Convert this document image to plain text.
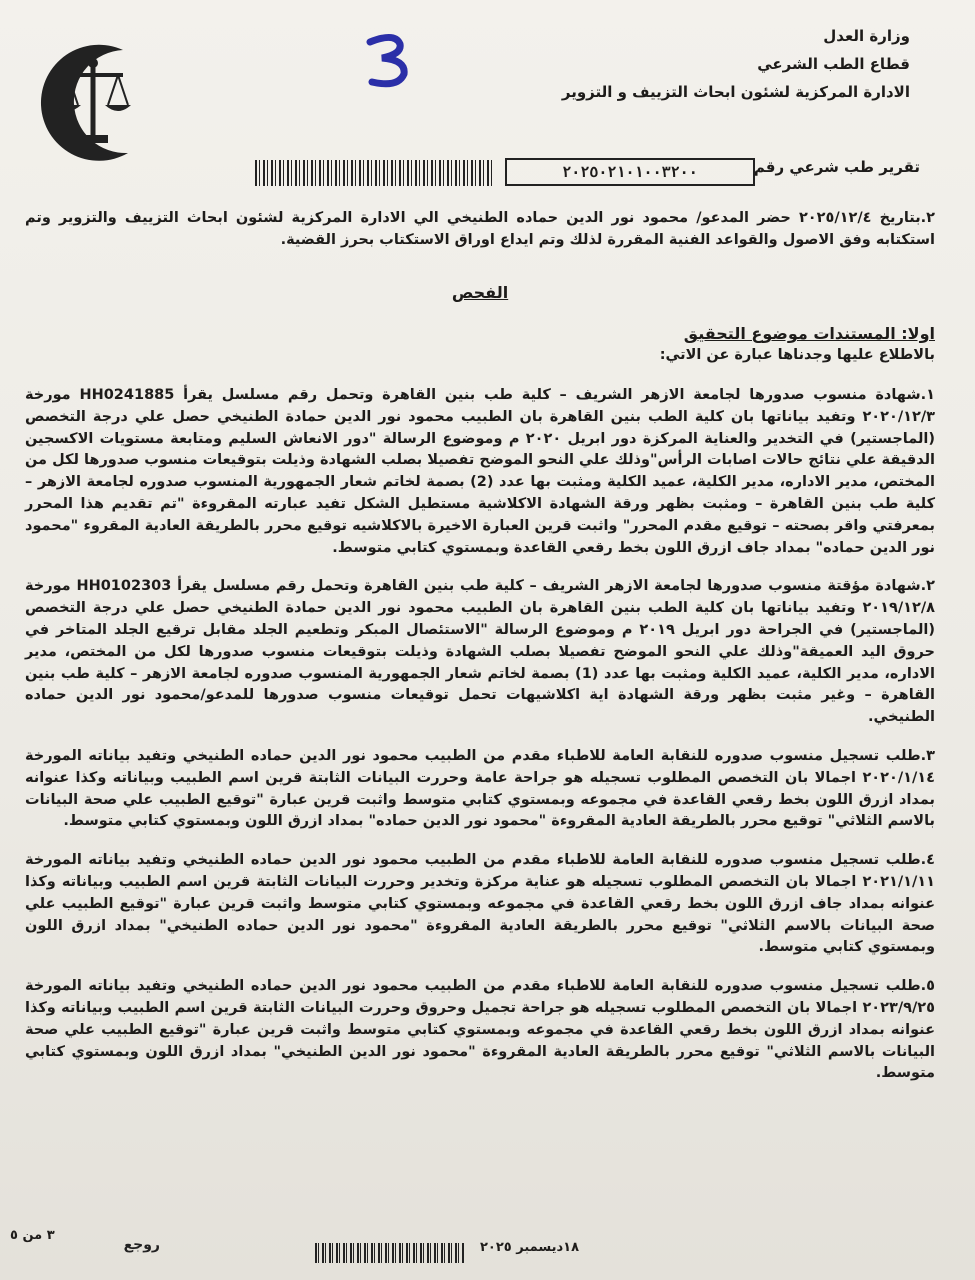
وزارة العدل
قطاع الطب الشرعي
الادارة المركزية لشئون ابحاث التزييف و التزوير
٢٠٢٥٠٢١٠١٠٠٣٢٠٠	تقرير طب شرعي رقم

٢.بتاريخ ٢٠٢٥/١٢/٤ حضر المدعو/ محمود نور الدين حماده الطنيخي الي الادارة المركزية لشئون ابحاث التزييف والتزوير وتم استكتابه وفق الاصول والقواعد الفنية المقررة لذلك وتم ايداع اوراق الاستكتاب بحرز القضية.

الفحص

اولا: المستندات موضوع التحقيق

بالاطلاع عليها وجدناها عبارة عن الاتي:

١.شهادة منسوب صدورها لجامعة الازهر الشريف – كلية طب بنين القاهرة وتحمل رقم مسلسل يقرأ HH0241885 مورخة ٢٠٢٠/١٢/٣ وتفيد بياناتها بان كلية الطب بنين القاهرة بان الطبيب محمود نور الدين حمادة الطنيخي حصل علي درجة التخصص (الماجستير) في التخدير والعناية المركزة دور ابريل ٢٠٢٠ م وموضوع الرسالة "دور الانعاش السليم ومتابعة مستويات الاكسجين الدقيقة علي نتائج حالات اصابات الرأس"وذلك علي النحو الموضح تفصيلا بصلب الشهادة وذيلت بتوقيعات منسوب صدورها لكل من المختص، مدير الاداره، مدير الكلية، عميد الكلية ومثبت بها عدد (2) بصمة لخاتم شعار الجمهورية المنسوب صدوره لجامعة الازهر – كلية طب بنين القاهرة – ومثبت بظهر ورقة الشهادة الاكلاشية مستطيل الشكل تفيد عبارته المقروءة "تم تقديم هذا المحرر بمعرفتي واقر بصحته – توقيع مقدم المحرر" واثبت قرين العبارة الاخيرة بالاكلاشيه توقيع محرر بالطريقة العادية المقروء "محمود نور الدين حماده" بمداد جاف ازرق اللون بخط رقعي القاعدة وبمستوي كتابي متوسط.

٢.شهادة مؤقتة منسوب صدورها لجامعة الازهر الشريف – كلية طب بنين القاهرة وتحمل رقم مسلسل يقرأ HH0102303 مورخة ٢٠١٩/١٢/٨ وتفيد بياناتها بان كلية الطب بنين القاهرة بان الطبيب محمود نور الدين حمادة الطنيخي حصل علي درجة التخصص (الماجستير) في الجراحة دور ابريل ٢٠١٩ م وموضوع الرسالة "الاستئصال المبكر وتطعيم الجلد مقابل ترقيع الجلد المتاخر في حروق اليد العميقة"وذلك علي النحو الموضح تفصيلا بصلب الشهادة وذيلت بتوقيعات منسوب صدورها لكل من المختص، مدير الاداره، مدير الكلية، عميد الكلية ومثبت بها عدد (1) بصمة لخاتم شعار الجمهورية المنسوب صدوره لجامعة الازهر – كلية طب بنين القاهرة – وغير مثبت بظهر ورقة الشهادة اية اكلاشيهات تحمل توقيعات منسوب صدورها للمدعو/محمود نور الدين حماده الطنيخي.

٣.طلب تسجيل منسوب صدوره للنقابة العامة للاطباء مقدم من الطبيب محمود نور الدين حماده الطنيخي وتفيد بياناته المورخة ٢٠٢٠/١/١٤ اجمالا بان التخصص المطلوب تسجيله هو جراحة عامة وحررت البيانات الثابتة قرين اسم الطبيب وبياناته وكذا عنوانه بمداد ازرق اللون بخط رقعي القاعدة في مجموعه وبمستوي كتابي متوسط واثبت قرين عبارة "توقيع الطبيب علي صحة البيانات بالاسم الثلاثي" توقيع محرر بالطريقة العادية المقروءة "محمود نور الدين حماده" بمداد ازرق اللون وبمستوي كتابي متوسط.

٤.طلب تسجيل منسوب صدوره للنقابة العامة للاطباء مقدم من الطبيب محمود نور الدين حماده الطنيخي وتفيد بياناته المورخة ٢٠٢١/١/١١ اجمالا بان التخصص المطلوب تسجيله هو عناية مركزة وتخدير وحررت البيانات الثابتة قرين اسم الطبيب وبياناته وكذا عنوانه بمداد جاف ازرق اللون بخط رقعي القاعدة في مجموعه وبمستوي كتابي متوسط واثبت قرين عبارة "توقيع الطبيب علي صحة البيانات بالاسم الثلاثي" توقيع محرر بالطريقة العادية المقروءة "محمود نور الدين حماده الطنيخي" بمداد ازرق اللون وبمستوي كتابي متوسط.

٥.طلب تسجيل منسوب صدوره للنقابة العامة للاطباء مقدم من الطبيب محمود نور الدين حماده الطنيخي وتفيد بياناته المورخة ٢٠٢٣/٩/٢٥ اجمالا بان التخصص المطلوب تسجيله هو جراحة تجميل وحروق وحررت البيانات الثابتة قرين اسم الطبيب وبياناته وكذا عنوانه بمداد ازرق اللون بخط رقعي القاعدة في مجموعه وبمستوي كتابي متوسط واثبت قرين عبارة "توقيع الطبيب علي صحة البيانات بالاسم الثلاثي" توقيع محرر بالطريقة العادية المقروءة "محمود نور الدين الطنيخي" بمداد ازرق اللون وبمستوي كتابي متوسط.

٣ من ٥
روجع	١٨ديسمبر ٢٠٢٥
